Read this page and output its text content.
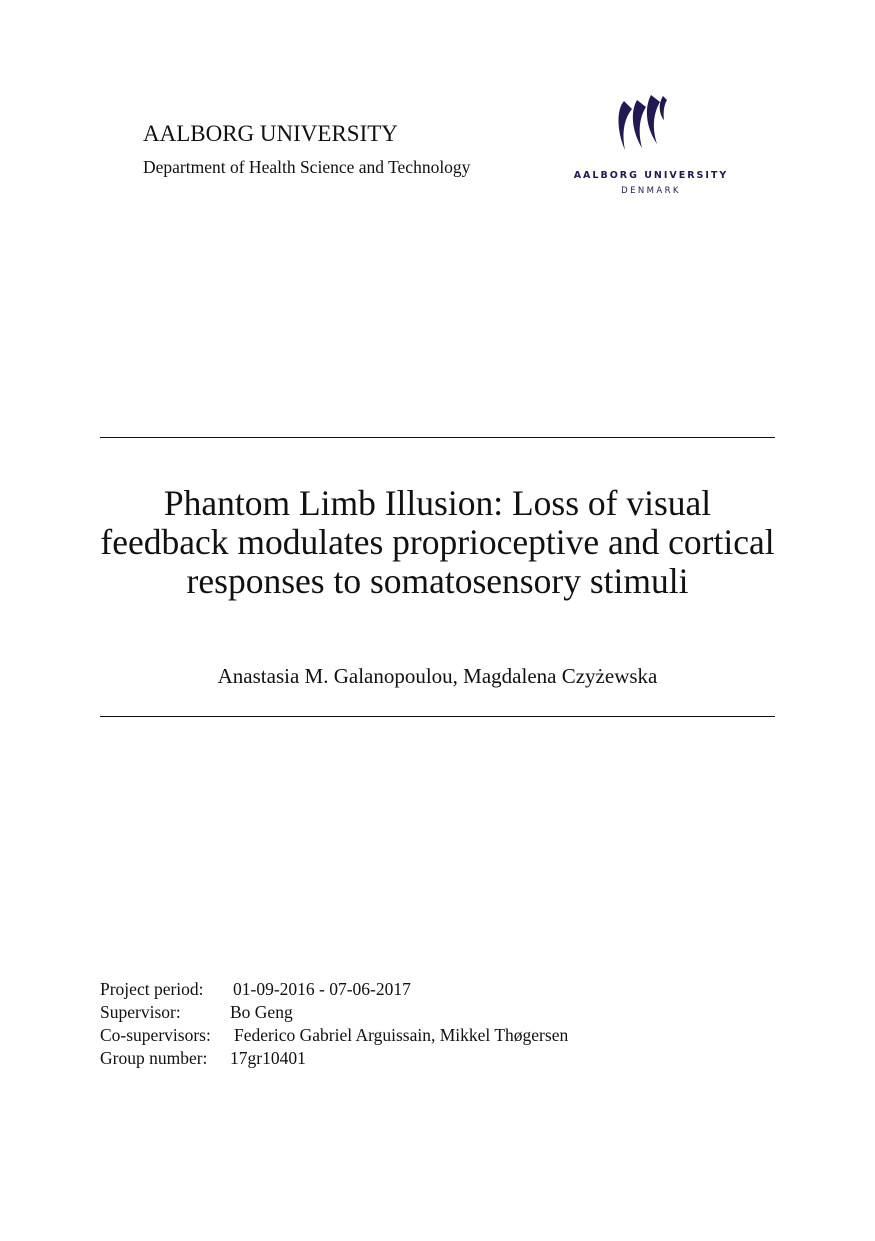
AALBORG UNIVERSITY
Department of Health Science and Technology	AALBORG UNIVERSITY
DENMARK
Phantom Limb Illusion: Loss of visual feedback modulates proprioceptive and cortical responses to somatosensory stimuli
Anastasia M. Galanopoulou, Magdalena Czyżewska
Project period:	01-09-2016 - 07-06-2017
Supervisor:	Bo Geng
Co-supervisors:	Federico Gabriel Arguissain, Mikkel Thøgersen
Group number:	17gr10401
